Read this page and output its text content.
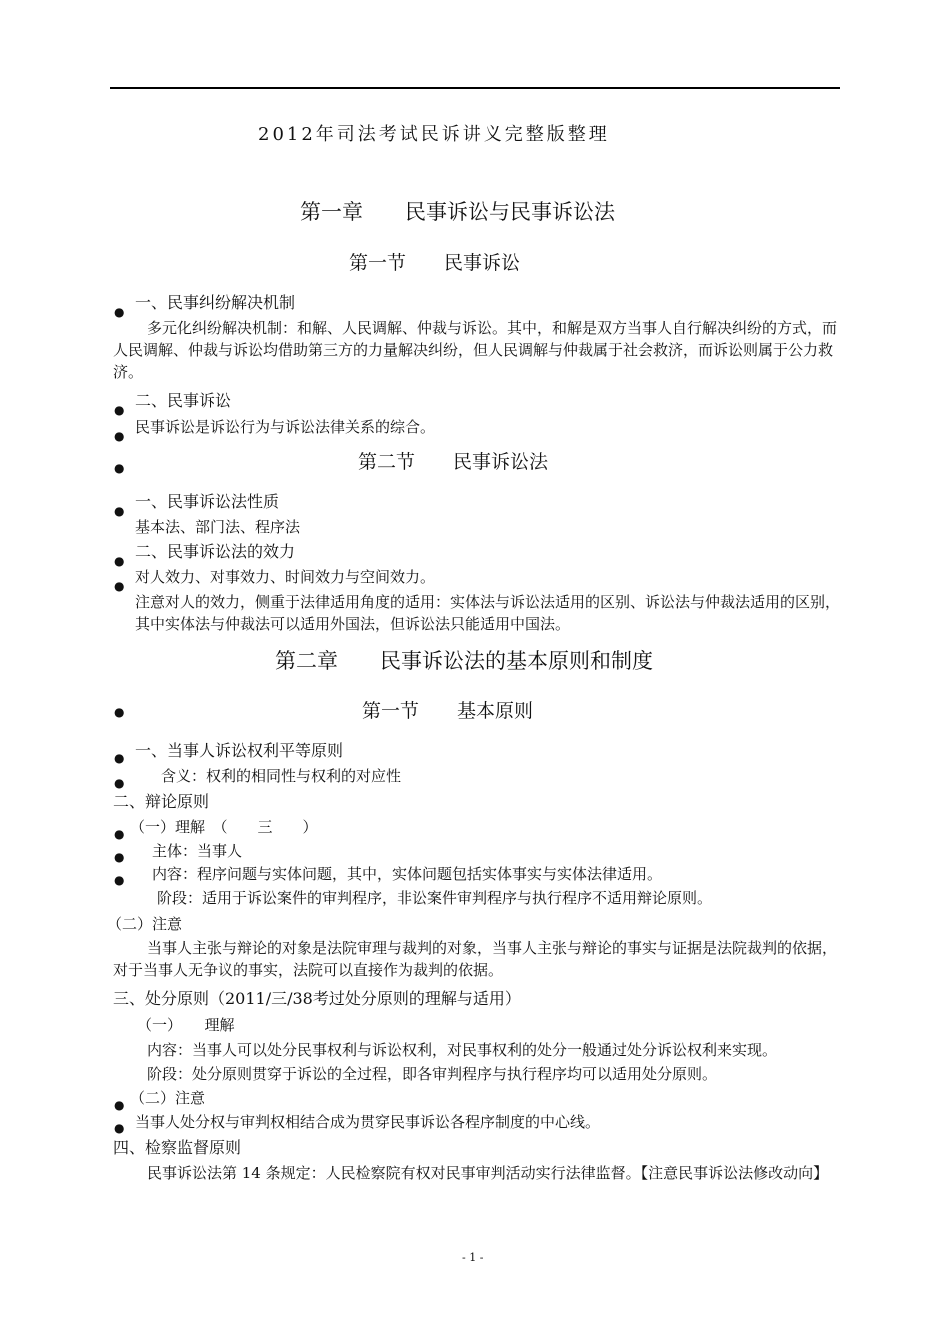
2012年司法考试民诉讲义完整版整理
第一章　　民事诉讼与民事诉讼法
第一节　　民事诉讼
● 一、民事纠纷解决机制
多元化纠纷解决机制：和解、人民调解、仲裁与诉讼。其中，和解是双方当事人自行解决纠纷的方式，而人民调解、仲裁与诉讼均借助第三方的力量解决纠纷，但人民调解与仲裁属于社会救济，而诉讼则属于公力救济。
● 二、民事诉讼
● 民事诉讼是诉讼行为与诉讼法律关系的综合。
●	第二节　　民事诉讼法
● 一、民事诉讼法性质
基本法、部门法、程序法
● 二、民事诉讼法的效力
● 对人效力、对事效力、时间效力与空间效力。
注意对人的效力，侧重于法律适用角度的适用：实体法与诉讼法适用的区别、诉讼法与仲裁法适用的区别，其中实体法与仲裁法可以适用外国法，但诉讼法只能适用中国法。
第二章　　民事诉讼法的基本原则和制度
●	第一节　　基本原则
● 一、当事人诉讼权利平等原则
● 含义：权利的相同性与权利的对应性
二、辩论原则
● （一）理解　（　　三　　）
● 主体：当事人
● 内容：程序问题与实体问题，其中，实体问题包括实体事实与实体法律适用。
阶段：适用于诉讼案件的审判程序，非讼案件审判程序与执行程序不适用辩论原则。
（二）注意
当事人主张与辩论的对象是法院审理与裁判的对象，当事人主张与辩论的事实与证据是法院裁判的依据，对于当事人无争议的事实，法院可以直接作为裁判的依据。
三、处分原则（2011/三/38考过处分原则的理解与适用）
（一）　　理解
内容：当事人可以处分民事权利与诉讼权利，对民事权利的处分一般通过处分诉讼权利来实现。
阶段：处分原则贯穿于诉讼的全过程，即各审判程序与执行程序均可以适用处分原则。
● （二）注意
● 当事人处分权与审判权相结合成为贯穿民事诉讼各程序制度的中心线。
四、检察监督原则
民事诉讼法第 14 条规定：人民检察院有权对民事审判活动实行法律监督。【注意民事诉讼法修改动向】
- 1 -
